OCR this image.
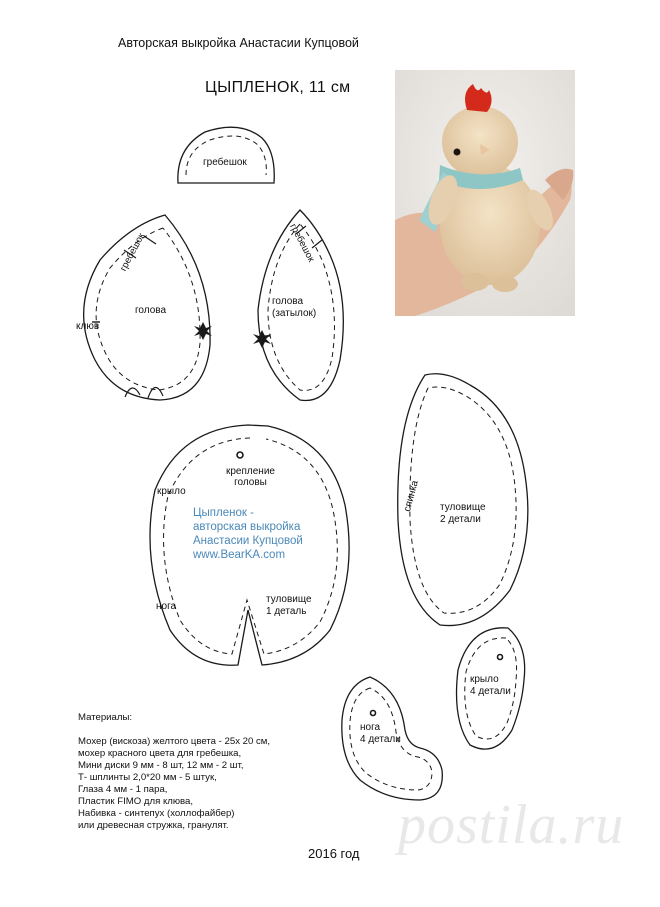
Авторская выкройка Анастасии Купцовой
ЦЫПЛЕНОК, 11 см
гребешок
голова
гребешок
клюв
голова
(затылок)
гребешок
крепление
головы
крыло
нога
туловище
1 деталь
спинка туловище
2 детали
крыло
4 детали
нога
4 детали
Цыпленок -
авторская выкройка
Анастасии Купцовой
www.BearKA.com
Материалы:
Мохер (вискоза) желтого цвета - 25х 20 см,
мохер красного цвета для гребешка,
Мини диски 9 мм - 8 шт, 12 мм - 2 шт,
Т- шплинты 2,0*20 мм - 5 штук,
Глаза 4 мм - 1 пара,
Пластик FIMO для клюва,
Набивка - синтепух (холлофайбер)
или древесная стружка, гранулят.
2016 год postila.ru
